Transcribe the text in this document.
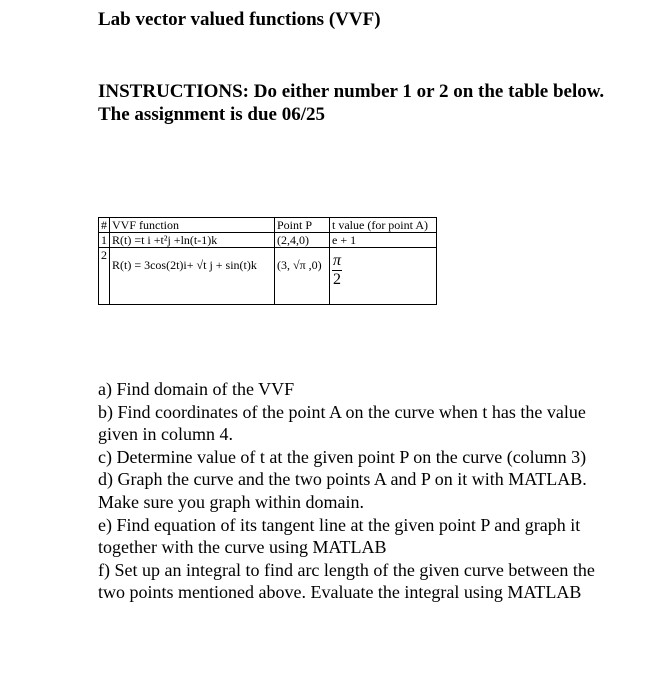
Lab vector valued functions (VVF)

INSTRUCTIONS: Do either number 1 or 2 on the table below. The assignment is due 06/25

#	VVF function	Point P	t value (for point A)
1	R(t) =t i +t²j +ln(t-1)k	(2,4,0)	e + 1
2	R(t) = 3cos(2t)i+ √t j + sin(t)k	(3, √π ,0)	$\frac{\pi}{2}$

a) Find domain of the VVF

b) Find coordinates of the point A on the curve when t has the value given in column 4.

c) Determine value of t at the given point P on the curve (column 3)

d) Graph the curve and the two points A and P on it with MATLAB. Make sure you graph within domain.

e) Find equation of its tangent line at the given point P and graph it together with the curve using MATLAB

f) Set up an integral to find arc length of the given curve between the two points mentioned above. Evaluate the integral using MATLAB
